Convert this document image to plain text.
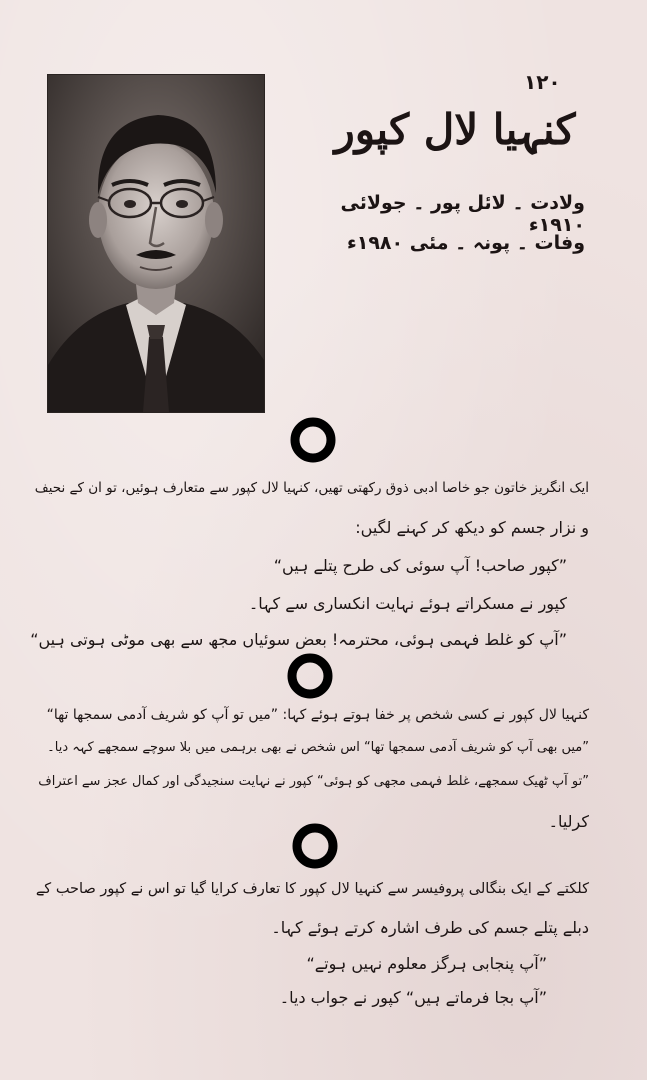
۱۲۰
کنہیا لال کپور
ولادت ۔ لائل پور ۔ جولائی ۱۹۱۰ء
وفات ۔ پونہ ۔ مئی ۱۹۸۰ء
ایک انگریز خاتون جو خاصا ادبی ذوق رکھتی تھیں، کنہیا لال کپور سے متعارف ہوئیں، تو ان کے نحیف
و نزار جسم کو دیکھ کر کہنے لگیں:
”کپور صاحب! آپ سوئی کی طرح پتلے ہیں“
کپور نے مسکراتے ہوئے نہایت انکساری سے کہا۔
”آپ کو غلط فہمی ہوئی، محترمہ! بعض سوئیاں مجھ سے بھی موٹی ہوتی ہیں“
کنہیا لال کپور نے کسی شخص پر خفا ہوتے ہوئے کہا: ”میں تو آپ کو شریف آدمی سمجھا تھا“
”میں بھی آپ کو شریف آدمی سمجھا تھا“ اس شخص نے بھی برہمی میں بلا سوچے سمجھے کہہ دیا۔
”تو آپ ٹھیک سمجھے، غلط فہمی مجھی کو ہوئی“ کپور نے نہایت سنجیدگی اور کمال عجز سے اعتراف
کرلیا۔
کلکتے کے ایک بنگالی پروفیسر سے کنہیا لال کپور کا تعارف کرایا گیا تو اس نے کپور صاحب کے
دبلے پتلے جسم کی طرف اشارہ کرتے ہوئے کہا۔
”آپ پنجابی ہرگز معلوم نہیں ہوتے“
”آپ بجا فرماتے ہیں“ کپور نے جواب دیا۔
